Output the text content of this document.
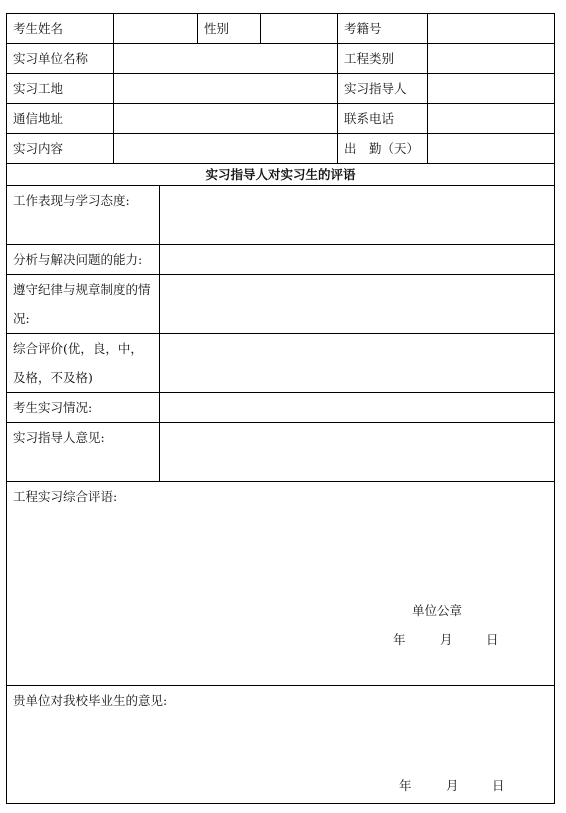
考生姓名			性别		考籍号	
实习单位名称					工程类别	
实习工地					实习指导人	
通信地址					联系电话	
实习内容					出　勤（天）	
实习指导人对实习生的评语						
工作表现与学习态度:						
分析与解决问题的能力:						
遵守纪律与规章制度的情况:						
综合评价(优，良，中，及格，不及格)						
考生实习情况:						
实习指导人意见:						

工程实习综合评语:
单位公章
年 月 日						

贵单位对我校毕业生的意见:
年 月 日						
